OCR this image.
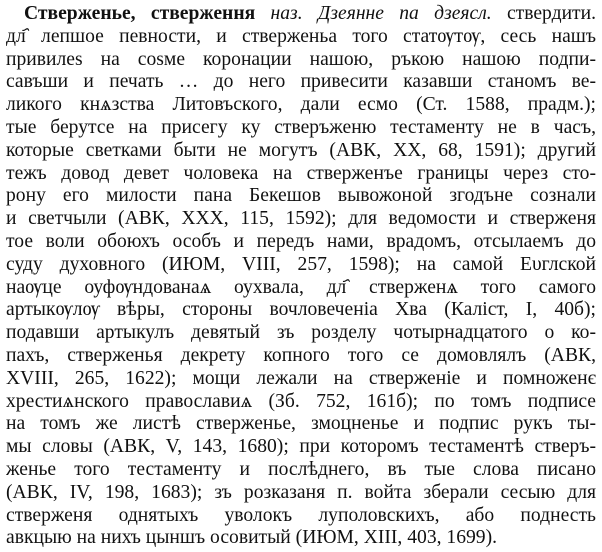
Стверженье, стверження наз. Дзеянне па дзеясл. ствердити.
дл҄ лепшое певности, и стверженьа того статѹтѹ, сесь нашъ
привилеѕ на соѕме коронации нашою, ръкою нашою подпи-
савъши и печать … до него привесити казавши станомъ ве-
ликого кнѧзства Литовъского, дали есмо (Ст. 1588, прадм.);
тые берутсе на присегу ку стверъженю тестаменту не в часъ,
которые светками быти не могутъ (АВК, XX, 68, 1591); другий
тежъ довод девет чоловека на стверженъе границы через сто-
рону его милости пана Бекешов вывожоной згодъне сознали
и светчыли (АВК, XXX, 115, 1592); для ведомости и стверженя
тое воли обоюхъ особъ и передъ нами, врадомъ, отсылаемъ до
суду духовного (ИЮМ, VIII, 257, 1598); на самой Ευглской
наѹце оуфѹндованаѧ оухвала, дл҄ стверженѧ того самого
артыкѹлѹ вѣры, стороны вочловеченіа Хва (Каліст, I, 40б);
подавши артыкулъ девятый зъ розделу чотырнадцатого о ко-
пахъ, стверженья декрету копного того се домовлялъ (АВК,
XVIII, 265, 1622); мощи лежали на стверженіе и помноженє
хрестиѧнского православиѧ (Зб. 752, 161б); по томъ подписе
на томъ же листѣ стверженье, змоцненье и подпис рукъ ты-
мы словы (АВК, V, 143, 1680); при которомъ тестаментѣ стверъ-
женье того тестаменту и послѣднего, въ тые слова писано
(АВК, IV, 198, 1683); зъ розказаня п. войта зберали сесыю для
стверженя однятыхъ уволокъ луполовскихъ, або поднесть
авкцыю на нихъ цыншъ осовитый (ИЮМ, XIII, 403, 1699).
